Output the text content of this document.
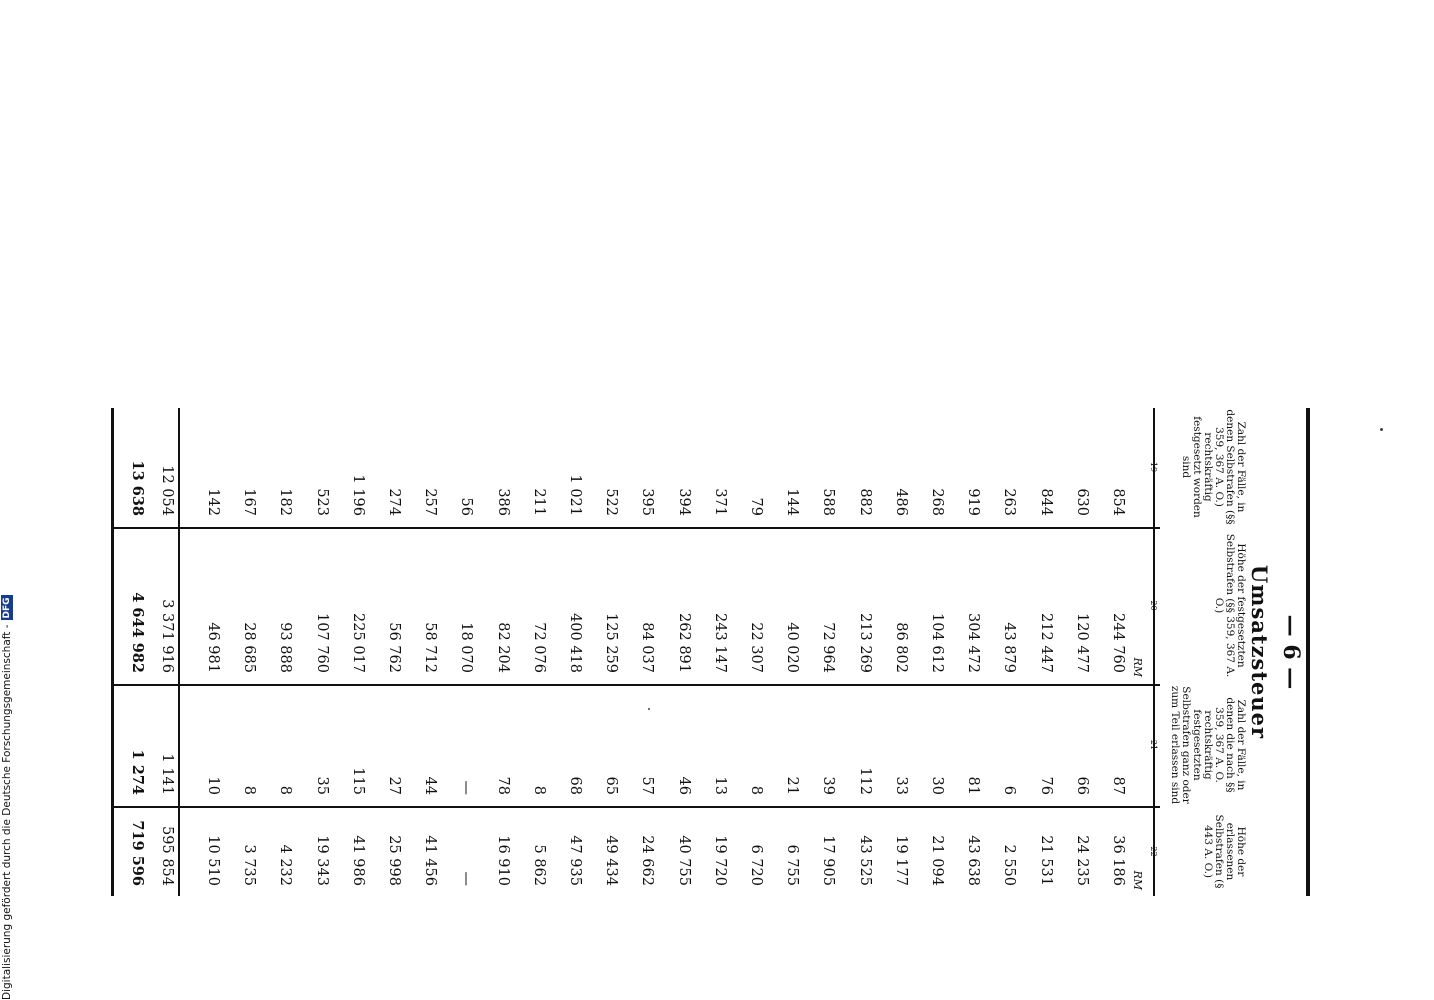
— 6 —
Umsatzsteuer
Zahl der Fälle, in denen Selbstrafen (§§ 359, 367 A. O.) rechtskräftig festgesetzt worden sind
19
Höhe der festgesetzten Selbstrafen (§§ 359, 367 A. O.)
20
RM
Zahl der Fälle, in denen die nach §§ 359, 367 A. O. rechtskräftig festgesetzten Selbstrafen ganz oder zum Teil erlassen sind
21
Höhe der erlassenen Selbstrafen (§ 443 A. O.)
22
RM
854
244 760
87
36 186
630
120 477
66
24 235
844
212 447
76
21 531
263
43 879
6
2 550
919
304 472
81
43 638
268
104 612
30
21 094
486
86 802
33
19 177
882
213 269
112
43 525
588
72 964
39
17 905
144
40 020
21
6 755
79
22 307
8
6 720
371
243 147
13
19 720
394
262 891
46
40 755
395
84 037
57
24 662
522
125 259
65
49 434
1 021
400 418
68
47 935
211
72 076
8
5 862
386
82 204
78
16 910
56
18 070
—
—
257
58 712
44
41 456
274
56 762
27
25 998
1 196
225 017
115
41 986
523
107 760
35
19 343
182
93 888
8
4 232
167
28 685
8
3 735
142
46 981
10
10 510
12 054
3 371 916
1 141
595 854
13 638
4 644 982
1 274
719 596
Digitalisierung gefördert durch die Deutsche Forschungsgemeinschaft -
DFG
